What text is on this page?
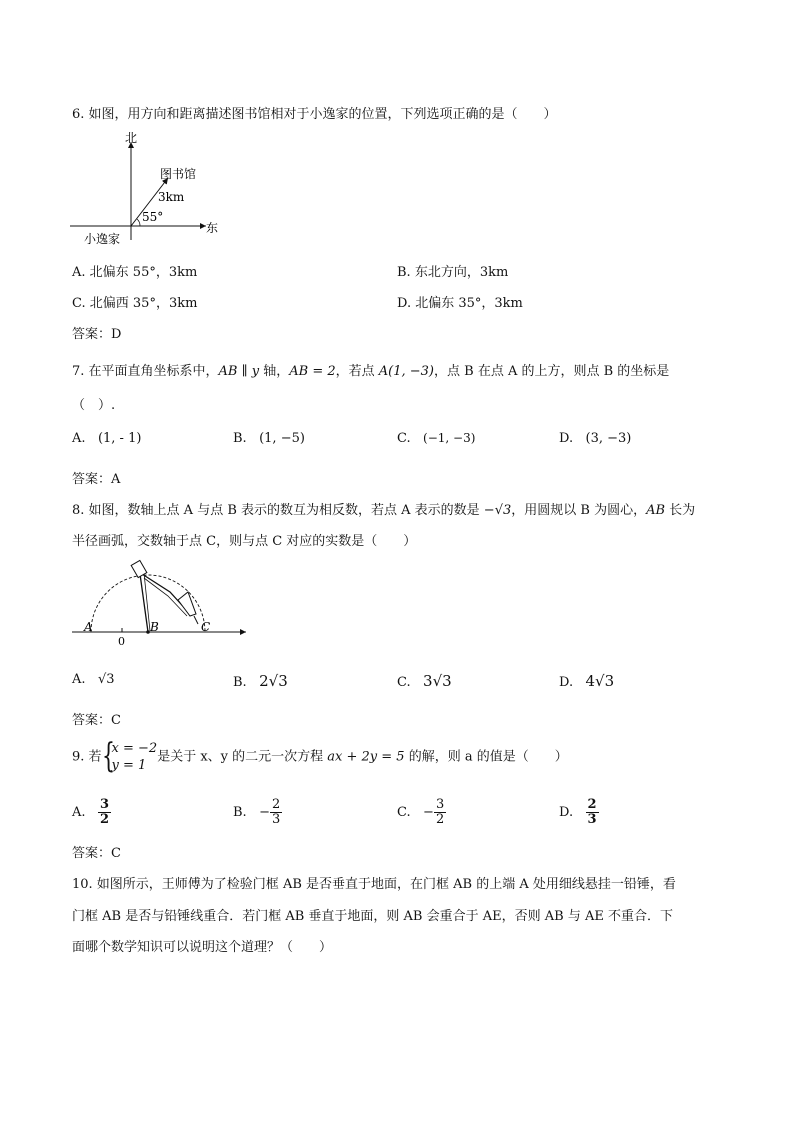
6. 如图，用方向和距离描述图书馆相对于小逸家的位置，下列选项正确的是（　　）
北
东
图书馆
3km
55°
小逸家
A. 北偏东 55°，3km	B. 东北方向，3km
C. 北偏西 35°，3km	D. 北偏东 35°，3km
答案：D
7. 在平面直角坐标系中，AB ∥ y 轴，AB = 2，若点 A(1, −3)，点 B 在点 A 的上方，则点 B 的坐标是
（　）.
A. (1, - 1)	B. (1, −5)	C. (−1, −3)	D. (3, −3)
答案：A
8. 如图，数轴上点 A 与点 B 表示的数互为相反数，若点 A 表示的数是 −√3，用圆规以 B 为圆心，AB 长为
半径画弧，交数轴于点 C，则与点 C 对应的实数是（　　）
A
0
B	C
A. √3	B. 2√3	C. 3√3	D. 4√3
答案：C
9. 若 {
x = −2
y = 1
是关于 x、y 的二元一次方程 ax + 2y = 5 的解，则 a 的值是（　　）
A. $\frac{3}{2}$	B. − $\frac{2}{3}$	C. − $\frac{3}{2}$	D. $\frac{2}{3}$
答案：C
10. 如图所示，王师傅为了检验门框 AB 是否垂直于地面，在门框 AB 的上端 A 处用细线悬挂一铅锤，看
门框 AB 是否与铅锤线重合．若门框 AB 垂直于地面，则 AB 会重合于 AE，否则 AB 与 AE 不重合．下
面哪个数学知识可以说明这个道理？（　　）
